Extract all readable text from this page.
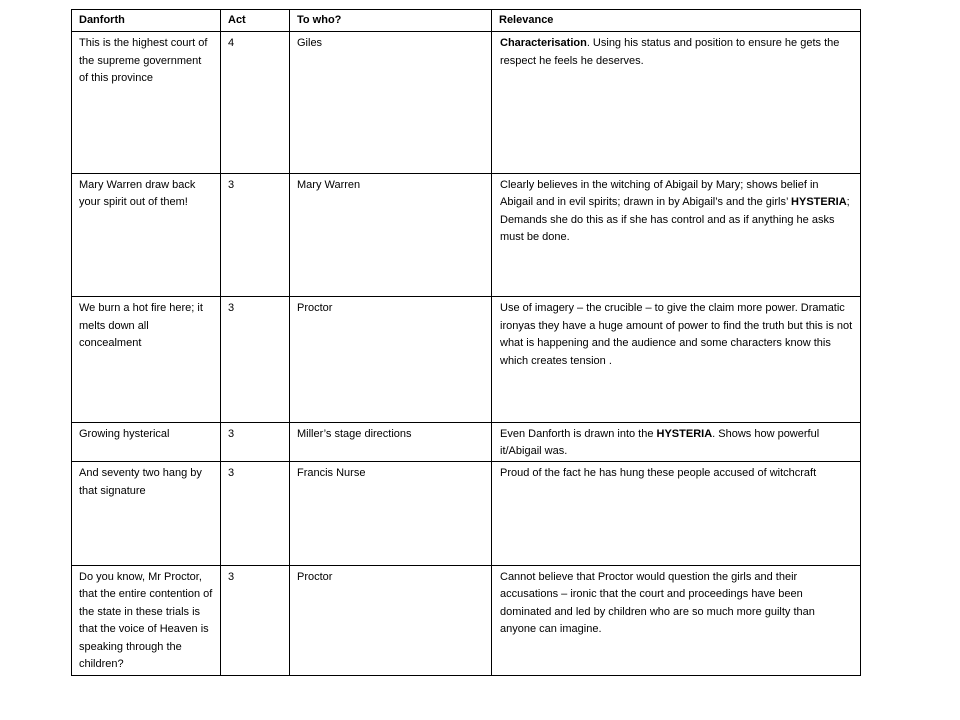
Danforth	Act	To who?	Relevance
This is the highest court of the supreme government of this province	4	Giles	Characterisation. Using his status and position to ensure he gets the respect he feels he deserves.
Mary Warren draw back your spirit out of them!	3	Mary Warren	Clearly believes in the witching of Abigail by Mary; shows belief in Abigail and in evil spirits; drawn in by Abigail’s and the girls’ HYSTERIA; Demands she do this as if she has control and as if anything he asks must be done.
We burn a hot fire here; it melts down all concealment	3	Proctor	Use of imagery – the crucible – to give the claim more power. Dramatic ironyas they have a huge amount of power to find the truth but this is not what is happening and the audience and some characters know this which creates tension .
Growing hysterical	3	Miller’s stage directions	Even Danforth is drawn into the HYSTERIA. Shows how powerful it/Abigail was.
And seventy two hang by that signature	3	Francis Nurse	Proud of the fact he has hung these people accused of witchcraft
Do you know, Mr Proctor, that the entire contention of the state in these trials is that the voice of Heaven is speaking through the children?	3	Proctor	Cannot believe that Proctor would question the girls and their accusations – ironic that the court and proceedings have been dominated and led by children who are so much more guilty than anyone can imagine.
